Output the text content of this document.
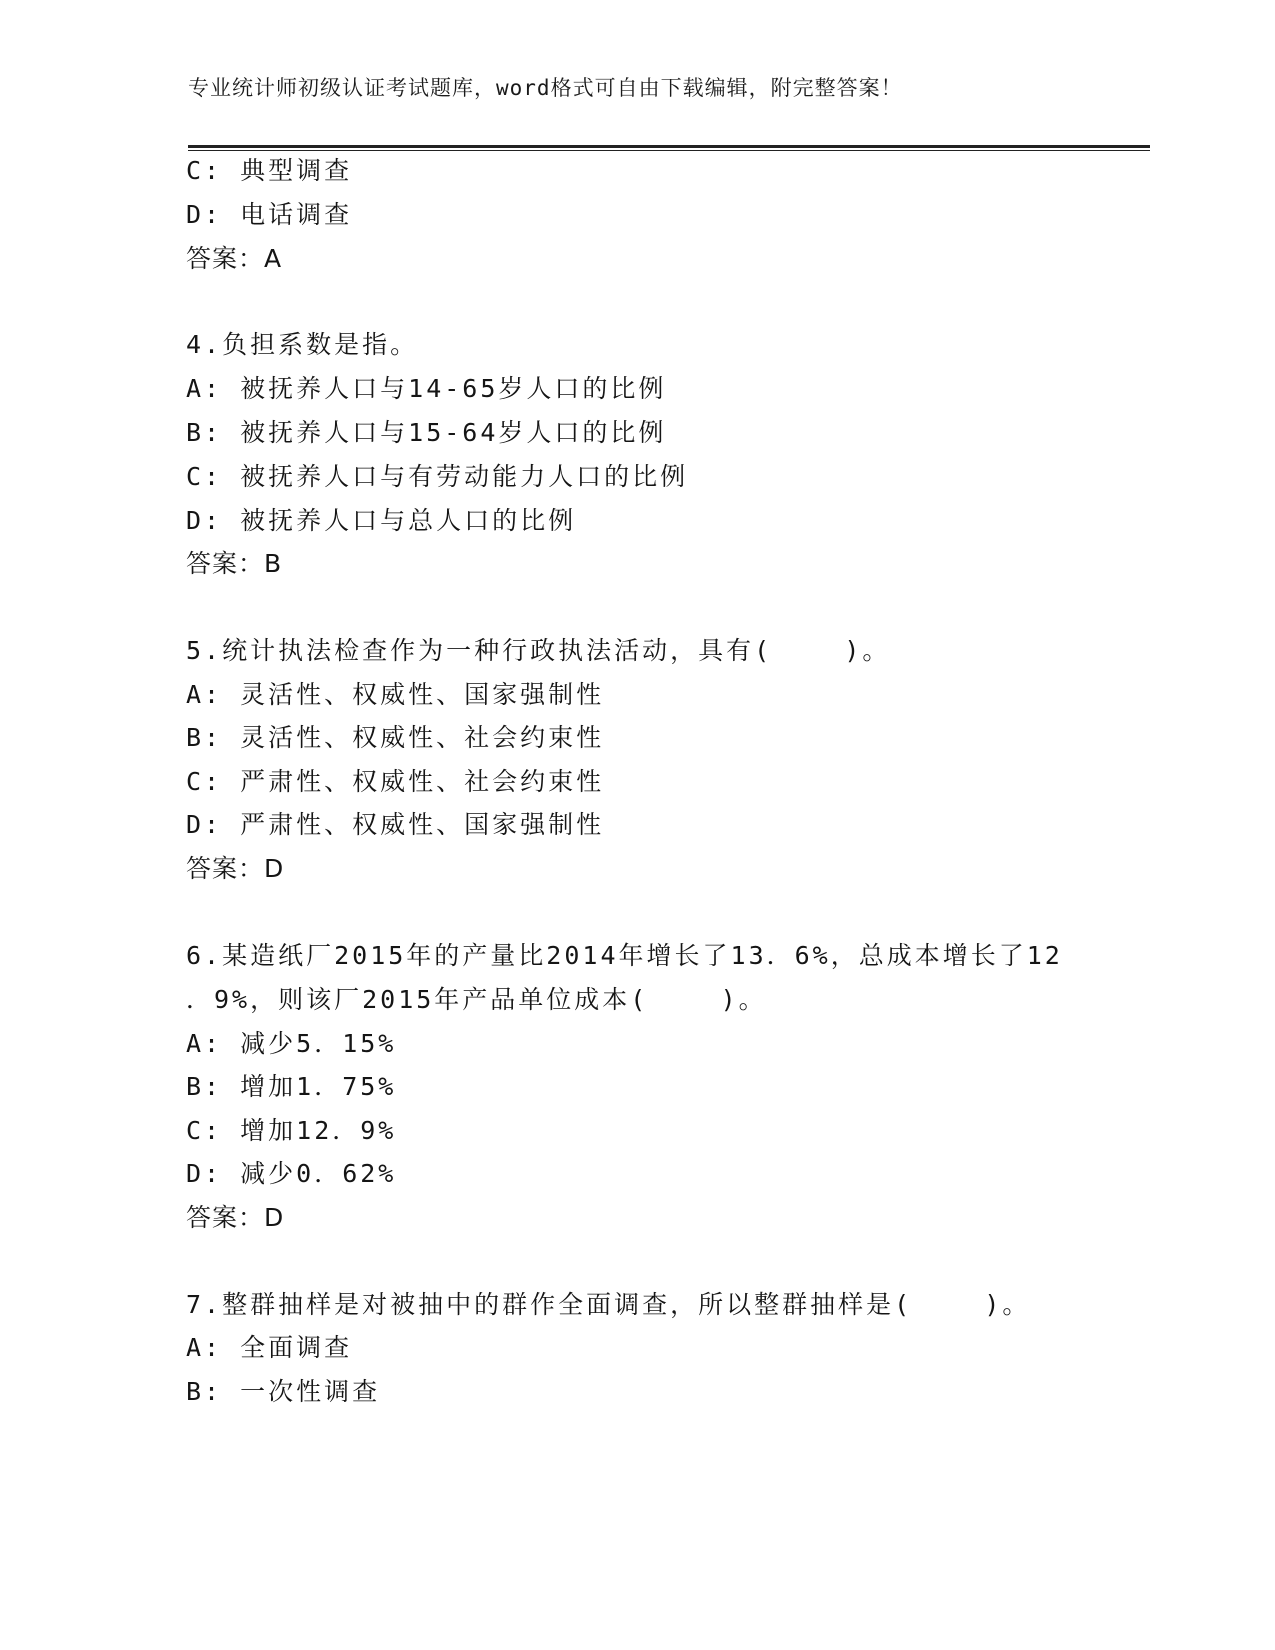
专业统计师初级认证考试题库，word格式可自由下载编辑，附完整答案！
C: 典型调查
D: 电话调查
答案：A
4.负担系数是指。
A: 被抚养人口与14-65岁人口的比例
B: 被抚养人口与15-64岁人口的比例
C: 被抚养人口与有劳动能力人口的比例
D: 被抚养人口与总人口的比例
答案：B
5.统计执法检查作为一种行政执法活动，具有(    )。
A: 灵活性、权威性、国家强制性
B: 灵活性、权威性、社会约束性
C: 严肃性、权威性、社会约束性
D: 严肃性、权威性、国家强制性
答案：D
6.某造纸厂2015年的产量比2014年增长了13．6%，总成本增长了12
．9%，则该厂2015年产品单位成本(    )。
A: 减少5．15%
B: 增加1．75%
C: 增加12．9%
D: 减少0．62%
答案：D
7.整群抽样是对被抽中的群作全面调查，所以整群抽样是(    )。
A: 全面调查
B: 一次性调查
